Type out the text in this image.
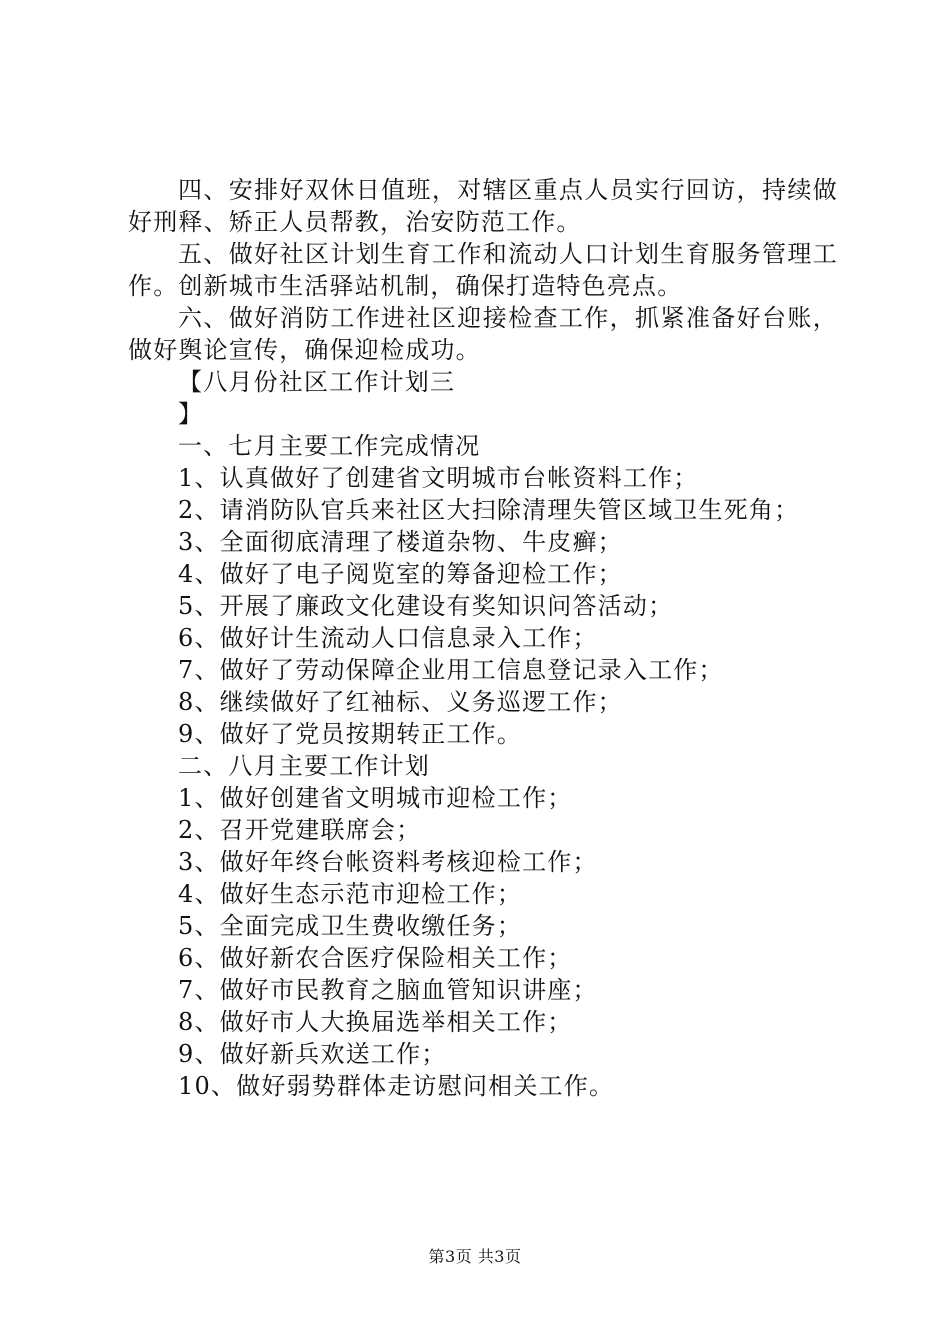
四、安排好双休日值班，对辖区重点人员实行回访，持续做好刑释、矫正人员帮教，治安防范工作。

五、做好社区计划生育工作和流动人口计划生育服务管理工作。创新城市生活驿站机制，确保打造特色亮点。

六、做好消防工作进社区迎接检查工作，抓紧准备好台账，做好舆论宣传，确保迎检成功。

【八月份社区工作计划三

】

一、七月主要工作完成情况

1、认真做好了创建省文明城市台帐资料工作；

2、请消防队官兵来社区大扫除清理失管区域卫生死角；

3、全面彻底清理了楼道杂物、牛皮癣；

4、做好了电子阅览室的筹备迎检工作；

5、开展了廉政文化建设有奖知识问答活动；

6、做好计生流动人口信息录入工作；

7、做好了劳动保障企业用工信息登记录入工作；

8、继续做好了红袖标、义务巡逻工作；

9、做好了党员按期转正工作。

二、八月主要工作计划

1、做好创建省文明城市迎检工作；

2、召开党建联席会；

3、做好年终台帐资料考核迎检工作；

4、做好生态示范市迎检工作；

5、全面完成卫生费收缴任务；

6、做好新农合医疗保险相关工作；

7、做好市民教育之脑血管知识讲座；

8、做好市人大换届选举相关工作；

9、做好新兵欢送工作；

10、做好弱势群体走访慰问相关工作。

第3页 共3页
